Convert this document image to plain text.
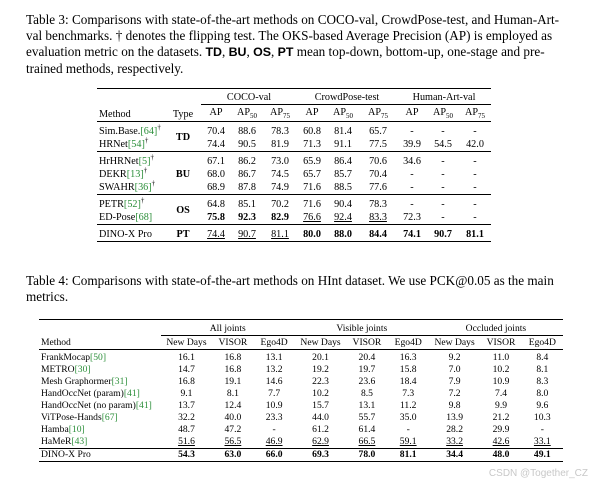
Table 3: Comparisons with state-of-the-art methods on COCO-val, CrowdPose-test, and Human-Art-val benchmarks. † denotes the flipping test. The OKS-based Average Precision (AP) is employed as evaluation metric on the datasets. TD, BU, OS, PT mean top-down, bottom-up, one-stage and pre-trained methods, respectively.
Method	Type	COCO-val			CrowdPose-test			Human-Art-val		
		AP	$AP_{50}$	$AP_{75}$	AP	$AP_{50}$	$AP_{75}$	AP	$AP_{50}$	$AP_{75}$
Sim.Base.[64]†	TD	70.4	88.6	78.3	60.8	81.4	65.7	-	-	-
HRNet[54]†		74.4	90.5	81.9	71.3	91.1	77.5	39.9	54.5	42.0
HrHRNet[5]†	BU	67.1	86.2	73.0	65.9	86.4	70.6	34.6	-	-
DEKR[13]†		68.0	86.7	74.5	65.7	85.7	70.4	-	-	-
SWAHR[36]†		68.9	87.8	74.9	71.6	88.5	77.6	-	-	-
PETR[52]†	OS	64.8	85.1	70.2	71.6	90.4	78.3	-	-	-
ED-Pose[68]		75.8	92.3	82.9	76.6	92.4	83.3	72.3	-	-
DINO-X Pro	PT	74.4	90.7	81.1	80.0	88.0	84.4	74.1	90.7	81.1
Table 4: Comparisons with state-of-the-art methods on HInt dataset. We use PCK@0.05 as the main metrics.
Method	All joints			Visible joints			Occluded joints		
	New Days	VISOR	Ego4D	New Days	VISOR	Ego4D	New Days	VISOR	Ego4D
FrankMocap[50]	16.1	16.8	13.1	20.1	20.4	16.3	9.2	11.0	8.4
METRO[30]	14.7	16.8	13.2	19.2	19.7	15.8	7.0	10.2	8.1
Mesh Graphormer[31]	16.8	19.1	14.6	22.3	23.6	18.4	7.9	10.9	8.3
HandOccNet (param)[41]	9.1	8.1	7.7	10.2	8.5	7.3	7.2	7.4	8.0
HandOccNet (no param)[41]	13.7	12.4	10.9	15.7	13.1	11.2	9.8	9.9	9.6
ViTPose-Hands[67]	32.2	40.0	23.3	44.0	55.7	35.0	13.9	21.2	10.3
Hamba[10]	48.7	47.2	-	61.2	61.4	-	28.2	29.9	-
HaMeR[43]	51.6	56.5	46.9	62.9	66.5	59.1	33.2	42.6	33.1
DINO-X Pro	54.3	63.0	66.0	69.3	78.0	81.1	34.4	48.0	49.1
CSDN @Together_CZ
